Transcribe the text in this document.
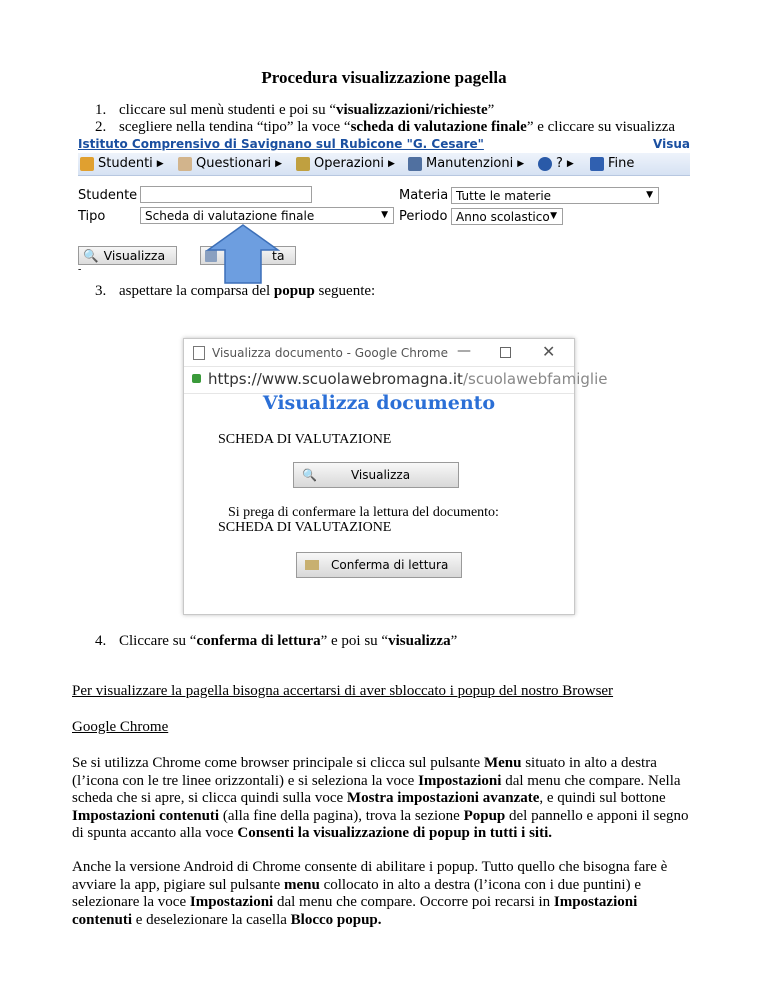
Procedura visualizzazione pagella
1. cliccare sul menù studenti e poi su “visualizzazioni/richieste”
2. scegliere nella tendina “tipo” la voce “scheda di valutazione finale” e cliccare su visualizza
Istituto Comprensivo di Savignano sul Rubicone "G. Cesare"	Visua
Studenti ▶ Questionari ▶ Operazioni ▶ Manutenzioni ▶ ? ▶	Fine
Studente	Materia Tutte le materie ▼
Tipo	Scheda di valutazione finale ▼	Periodo Anno scolastico ▼
🔍 Visualizza	ta
-
3. aspettare la comparsa del popup seguente:
Visualizza documento - Google Chrome —	✕
https://www.scuolawebromagna.it/scuolawebfamiglie
Visualizza documento
SCHEDA DI VALUTAZIONE
🔍	Visualizza
Si prega di confermare la lettura del documento:
SCHEDA DI VALUTAZIONE
Conferma di lettura
4. Cliccare su “conferma di lettura” e poi su “visualizza”
Per visualizzare la pagella bisogna accertarsi di aver sbloccato i popup del nostro Browser
Google Chrome
Se si utilizza Chrome come browser principale si clicca sul pulsante Menu situato in alto a destra (l’icona con le tre linee orizzontali) e si seleziona la voce Impostazioni dal menu che compare. Nella scheda che si apre, si clicca quindi sulla voce Mostra impostazioni avanzate, e quindi sul bottone Impostazioni contenuti (alla fine della pagina), trova la sezione Popup del pannello e apponi il segno di spunta accanto alla voce Consenti la visualizzazione di popup in tutti i siti.
Anche la versione Android di Chrome consente di abilitare i popup. Tutto quello che bisogna fare è avviare la app, pigiare sul pulsante menu collocato in alto a destra (l’icona con i due puntini) e selezionare la voce Impostazioni dal menu che compare. Occorre poi recarsi in Impostazioni contenuti e deselezionare la casella Blocco popup.
